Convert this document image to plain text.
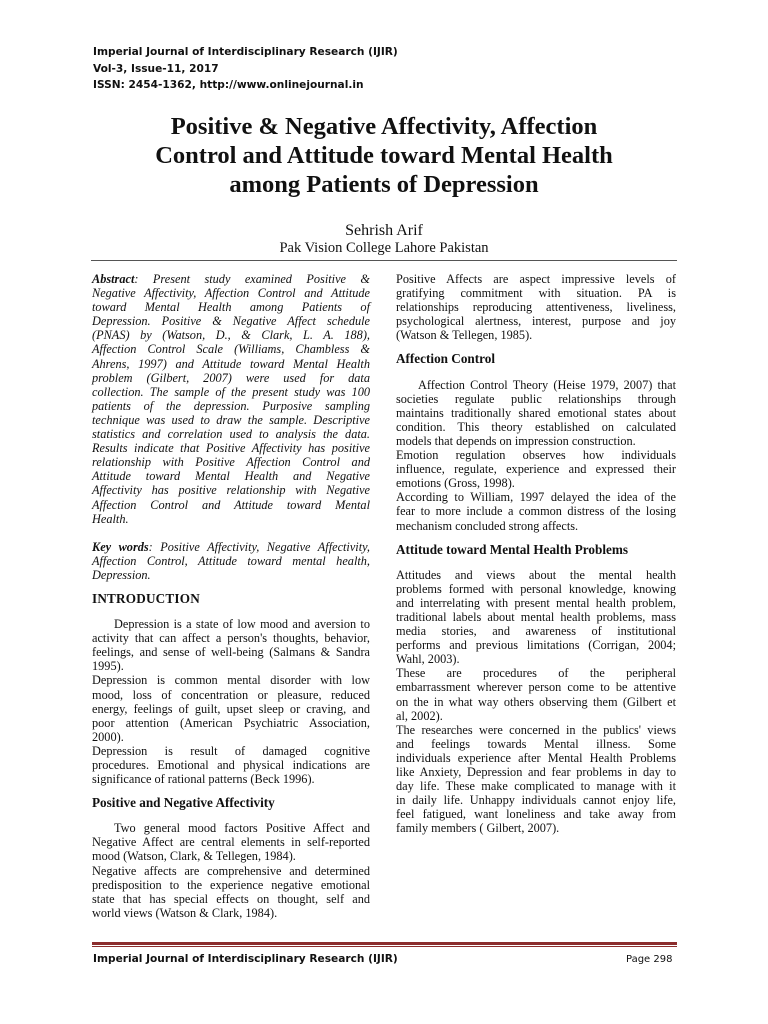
Imperial Journal of Interdisciplinary Research (IJIR)
Vol-3, Issue-11, 2017
ISSN: 2454-1362, http://www.onlinejournal.in
Positive & Negative Affectivity, Affection
Control and Attitude toward Mental Health
among Patients of Depression
Sehrish Arif
Pak Vision College Lahore Pakistan
Abstract: Present study examined Positive &
Negative Affectivity, Affection Control and Attitude
toward Mental Health among Patients of
Depression. Positive & Negative Affect schedule
(PNAS) by (Watson, D., & Clark, L. A. 188),
Affection Control Scale (Williams, Chambless &
Ahrens, 1997) and Attitude toward Mental Health
problem (Gilbert, 2007) were used for data
collection. The sample of the present study was 100
patients of the depression. Purposive sampling
technique was used to draw the sample. Descriptive
statistics and correlation used to analysis the data.
Results indicate that Positive Affectivity has positive
relationship with Positive Affection Control and
Attitude toward Mental Health and Negative
Affectivity has positive relationship with Negative
Affection Control and Attitude toward Mental
Health.
Key words: Positive Affectivity, Negative Affectivity,
Affection Control, Attitude toward mental health,
Depression.
INTRODUCTION
Depression is a state of low mood and aversion to
activity that can affect a person's thoughts, behavior,
feelings, and sense of well-being (Salmans & Sandra
1995).
Depression is common mental disorder with low
mood, loss of concentration or pleasure, reduced
energy, feelings of guilt, upset sleep or craving, and
poor attention (American Psychiatric Association,
2000).
Depression is result of damaged cognitive
procedures. Emotional and physical indications are
significance of rational patterns (Beck 1996).
Positive and Negative Affectivity
Two general mood factors Positive Affect and
Negative Affect are central elements in self-reported
mood (Watson, Clark, & Tellegen, 1984).
Negative affects are comprehensive and determined
predisposition to the experience negative emotional
state that has special effects on thought, self and
world views (Watson & Clark, 1984).
Positive Affects are aspect impressive levels of
gratifying commitment with situation. PA is
relationships reproducing attentiveness, liveliness,
psychological alertness, interest, purpose and joy
(Watson & Tellegen, 1985).
Affection Control
Affection Control Theory (Heise 1979, 2007) that
societies regulate public relationships through
maintains traditionally shared emotional states about
condition. This theory established on calculated
models that depends on impression construction.
Emotion regulation observes how individuals
influence, regulate, experience and expressed their
emotions (Gross, 1998).
According to William, 1997 delayed the idea of the
fear to more include a common distress of the losing
mechanism concluded strong affects.
Attitude toward Mental Health Problems
Attitudes and views about the mental health
problems formed with personal knowledge, knowing
and interrelating with present mental health problem,
traditional labels about mental health problems, mass
media stories, and awareness of institutional
performs and previous limitations (Corrigan, 2004;
Wahl, 2003).
These are procedures of the peripheral
embarrassment wherever person come to be attentive
on the in what way others observing them (Gilbert et
al, 2002).
The researches were concerned in the publics' views
and feelings towards Mental illness. Some
individuals experience after Mental Health Problems
like Anxiety, Depression and fear problems in day to
day life. These make complicated to manage with it
in daily life. Unhappy individuals cannot enjoy life,
feel fatigued, want loneliness and take away from
family members ( Gilbert, 2007).
Imperial Journal of Interdisciplinary Research (IJIR)	Page 298
